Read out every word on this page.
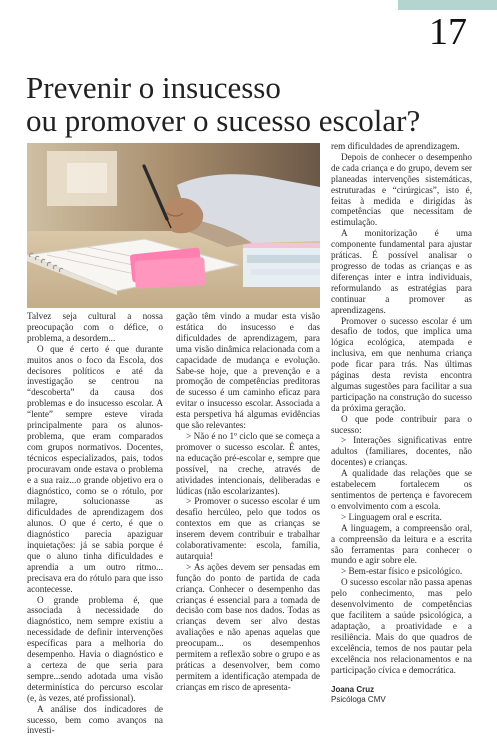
17
Prevenir o insucesso
ou promover o sucesso escolar?

Talvez seja cultural a nossa preocupação com o défice, o problema, a desordem...

O que é certo é que durante muitos anos o foco da Escola, dos decisores políticos e até da investigação se centrou na “descoberta” da causa dos problemas e do insucesso escolar. A “lente” sempre esteve virada principalmente para os alunos-problema, que eram comparados com grupos normativos. Docentes, técnicos especializados, pais, todos procuravam onde estava o problema e a sua raiz...o grande objetivo era o diagnóstico, como se o rótulo, por milagre, solucionasse as dificuldades de aprendizagem dos alunos. O que é certo, é que o diagnóstico parecia apaziguar inquietações: já se sabia porque é que o aluno tinha dificuldades e aprendia a um outro ritmo... precisava era do rótulo para que isso acontecesse.

O grande problema é, que associada à necessidade do diagnóstico, nem sempre existiu a necessidade de definir intervenções específicas para a melhoria do desempenho. Havia o diagnóstico e a certeza de que seria para sempre...sendo adotada uma visão determinística do percurso escolar (e, às vezes, até profissional).

A análise dos indicadores de sucesso, bem como avanços na investi-

gação têm vindo a mudar esta visão estática do insucesso e das dificuldades de aprendizagem, para uma visão dinâmica relacionada com a capacidade de mudança e evolução. Sabe-se hoje, que a prevenção e a promoção de competências preditoras de sucesso é um caminho eficaz para evitar o insucesso escolar. Associada a esta perspetiva há algumas evidências que são relevantes:

> Não é no 1º ciclo que se começa a promover o sucesso escolar. É antes, na educação pré-escolar e, sempre que possível, na creche, através de atividades intencionais, deliberadas e lúdicas (não escolarizantes).

> Promover o sucesso escolar é um desafio hercúleo, pelo que todos os contextos em que as crianças se inserem devem contribuir e trabalhar colaborativamente: escola, família, autarquia!

> As ações devem ser pensadas em função do ponto de partida de cada criança. Conhecer o desempenho das crianças é essencial para a tomada de decisão com base nos dados. Todas as crianças devem ser alvo destas avaliações e não apenas aquelas que preocupam... os desempenhos permitem a reflexão sobre o grupo e as práticas a desenvolver, bem como permitem a identificação atempada de crianças em risco de apresenta-

rem dificuldades de aprendizagem.

Depois de conhecer o desempenho de cada criança e do grupo, devem ser planeadas intervenções sistemáticas, estruturadas e “cirúrgicas”, isto é, feitas à medida e dirigidas às competências que necessitam de estimulação.

A monitorização é uma componente fundamental para ajustar práticas. É possível analisar o progresso de todas as crianças e as diferenças inter e intra individuais, reformulando as estratégias para continuar a promover as aprendizagens.

Promover o sucesso escolar é um desafio de todos, que implica uma lógica ecológica, atempada e inclusiva, em que nenhuma criança pode ficar para trás. Nas últimas páginas desta revista encontra algumas sugestões para facilitar a sua participação na construção do sucesso da próxima geração.

O que pode contribuir para o sucesso:

> Interações significativas entre adultos (familiares, docentes, não docentes) e crianças.

A qualidade das relações que se estabelecem fortalecem os sentimentos de pertença e favorecem o envolvimento com a escola.

> Linguagem oral e escrita.

A linguagem, a compreensão oral, a compreensão da leitura e a escrita são ferramentas para conhecer o mundo e agir sobre ele.

> Bem-estar físico e psicológico.

O sucesso escolar não passa apenas pelo conhecimento, mas pelo desenvolvimento de competências que facilitem a saúde psicológica, a adaptação, a proatividade e a resiliência. Mais do que quadros de excelência, temos de nos pautar pela excelência nos relacionamentos e na participação cívica e democrática.

Joana Cruz
Psicóloga CMV
